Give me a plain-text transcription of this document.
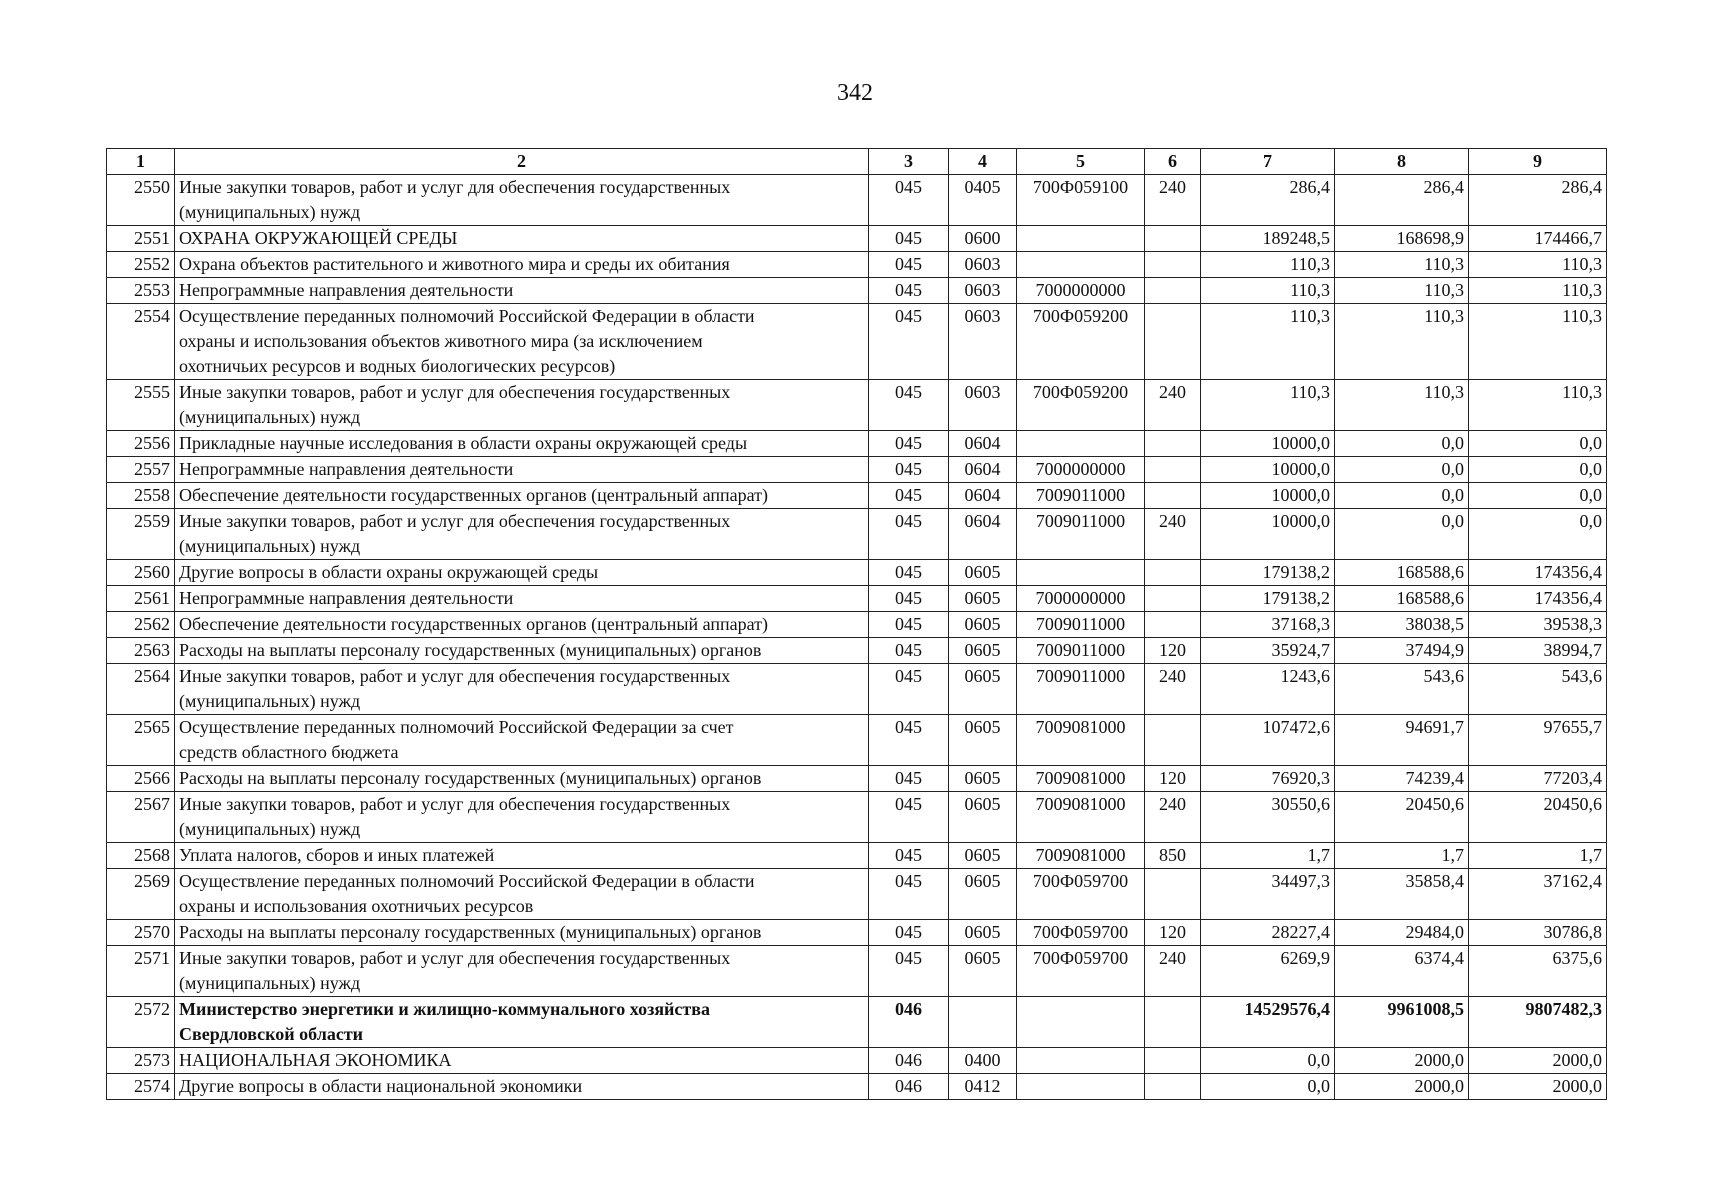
342
1	2	3	4	5	6	7	8	9
2550	Иные закупки товаров, работ и услуг для обеспечения государственных
(муниципальных) нужд	045	0405	700Ф059100	240	286,4	286,4	286,4
2551	ОХРАНА ОКРУЖАЮЩЕЙ СРЕДЫ	045	0600			189248,5	168698,9	174466,7
2552	Охрана объектов растительного и животного мира и среды их обитания	045	0603			110,3	110,3	110,3
2553	Непрограммные направления деятельности	045	0603	7000000000		110,3	110,3	110,3
2554	Осуществление переданных полномочий Российской Федерации в области
охраны и использования объектов животного мира (за исключением
охотничьих ресурсов и водных биологических ресурсов)	045	0603	700Ф059200		110,3	110,3	110,3
2555	Иные закупки товаров, работ и услуг для обеспечения государственных
(муниципальных) нужд	045	0603	700Ф059200	240	110,3	110,3	110,3
2556	Прикладные научные исследования в области охраны окружающей среды	045	0604			10000,0	0,0	0,0
2557	Непрограммные направления деятельности	045	0604	7000000000		10000,0	0,0	0,0
2558	Обеспечение деятельности государственных органов (центральный аппарат)	045	0604	7009011000		10000,0	0,0	0,0
2559	Иные закупки товаров, работ и услуг для обеспечения государственных
(муниципальных) нужд	045	0604	7009011000	240	10000,0	0,0	0,0
2560	Другие вопросы в области охраны окружающей среды	045	0605			179138,2	168588,6	174356,4
2561	Непрограммные направления деятельности	045	0605	7000000000		179138,2	168588,6	174356,4
2562	Обеспечение деятельности государственных органов (центральный аппарат)	045	0605	7009011000		37168,3	38038,5	39538,3
2563	Расходы на выплаты персоналу государственных (муниципальных) органов	045	0605	7009011000	120	35924,7	37494,9	38994,7
2564	Иные закупки товаров, работ и услуг для обеспечения государственных
(муниципальных) нужд	045	0605	7009011000	240	1243,6	543,6	543,6
2565	Осуществление переданных полномочий Российской Федерации за счет
средств областного бюджета	045	0605	7009081000		107472,6	94691,7	97655,7
2566	Расходы на выплаты персоналу государственных (муниципальных) органов	045	0605	7009081000	120	76920,3	74239,4	77203,4
2567	Иные закупки товаров, работ и услуг для обеспечения государственных
(муниципальных) нужд	045	0605	7009081000	240	30550,6	20450,6	20450,6
2568	Уплата налогов, сборов и иных платежей	045	0605	7009081000	850	1,7	1,7	1,7
2569	Осуществление переданных полномочий Российской Федерации в области
охраны и использования охотничьих ресурсов	045	0605	700Ф059700		34497,3	35858,4	37162,4
2570	Расходы на выплаты персоналу государственных (муниципальных) органов	045	0605	700Ф059700	120	28227,4	29484,0	30786,8
2571	Иные закупки товаров, работ и услуг для обеспечения государственных
(муниципальных) нужд	045	0605	700Ф059700	240	6269,9	6374,4	6375,6
2572	Министерство энергетики и жилищно-коммунального хозяйства
Свердловской области	046				14529576,4	9961008,5	9807482,3
2573	НАЦИОНАЛЬНАЯ ЭКОНОМИКА	046	0400			0,0	2000,0	2000,0
2574	Другие вопросы в области национальной экономики	046	0412			0,0	2000,0	2000,0
